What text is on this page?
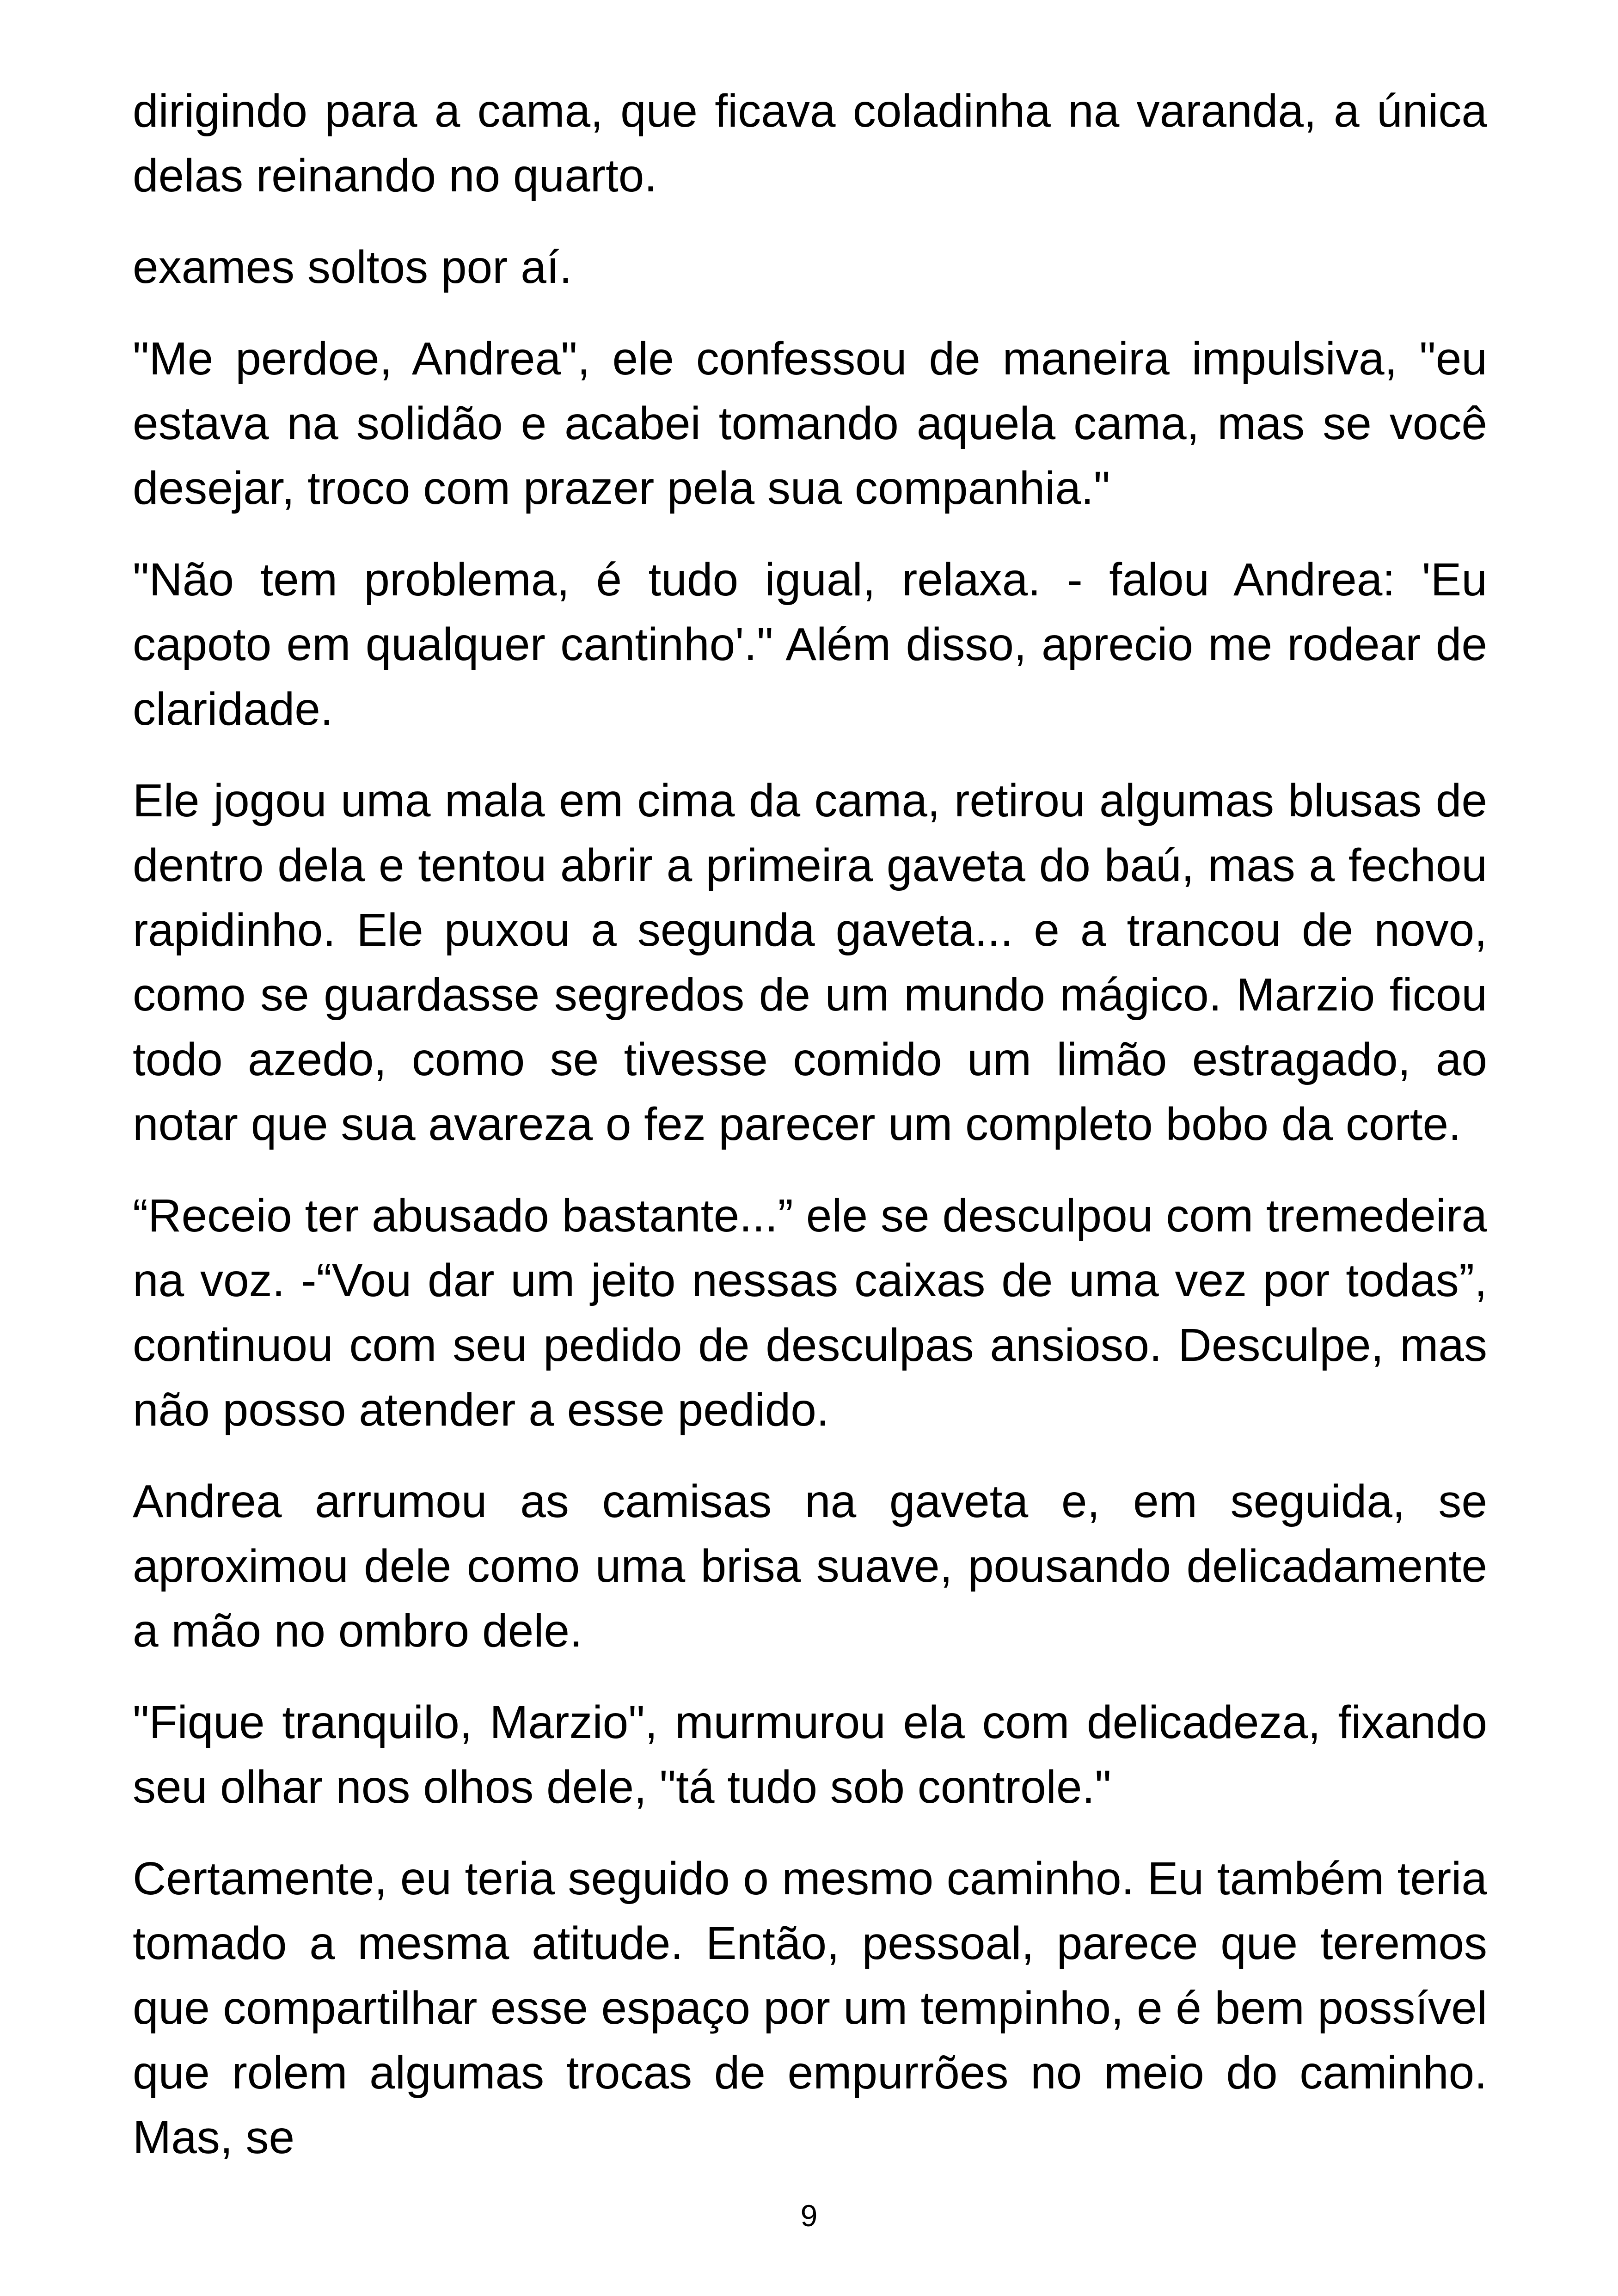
dirigindo para a cama, que ficava coladinha na varanda, a única delas reinando no quarto.

exames soltos por aí.

"Me perdoe, Andrea", ele confessou de maneira impulsiva, "eu estava na solidão e acabei tomando aquela cama, mas se você desejar, troco com prazer pela sua companhia."

"Não tem problema, é tudo igual, relaxa. - falou Andrea: 'Eu capoto em qualquer cantinho'." Além disso, aprecio me rodear de claridade.

Ele jogou uma mala em cima da cama, retirou algumas blusas de dentro dela e tentou abrir a primeira gaveta do baú, mas a fechou rapidinho. Ele puxou a segunda gaveta... e a trancou de novo, como se guardasse segredos de um mundo mágico. Marzio ficou todo azedo, como se tivesse comido um limão estragado, ao notar que sua avareza o fez parecer um completo bobo da corte.

“Receio ter abusado bastante...” ele se desculpou com tremedeira na voz. -“Vou dar um jeito nessas caixas de uma vez por todas”, continuou com seu pedido de desculpas ansioso. Desculpe, mas não posso atender a esse pedido.

Andrea arrumou as camisas na gaveta e, em seguida, se aproximou dele como uma brisa suave, pousando delicadamente a mão no ombro dele.

"Fique tranquilo, Marzio", murmurou ela com delicadeza, fixando seu olhar nos olhos dele, "tá tudo sob controle."

Certamente, eu teria seguido o mesmo caminho. Eu também teria tomado a mesma atitude. Então, pessoal, parece que teremos que compartilhar esse espaço por um tempinho, e é bem possível que rolem algumas trocas de empurrões no meio do caminho. Mas, se

9
